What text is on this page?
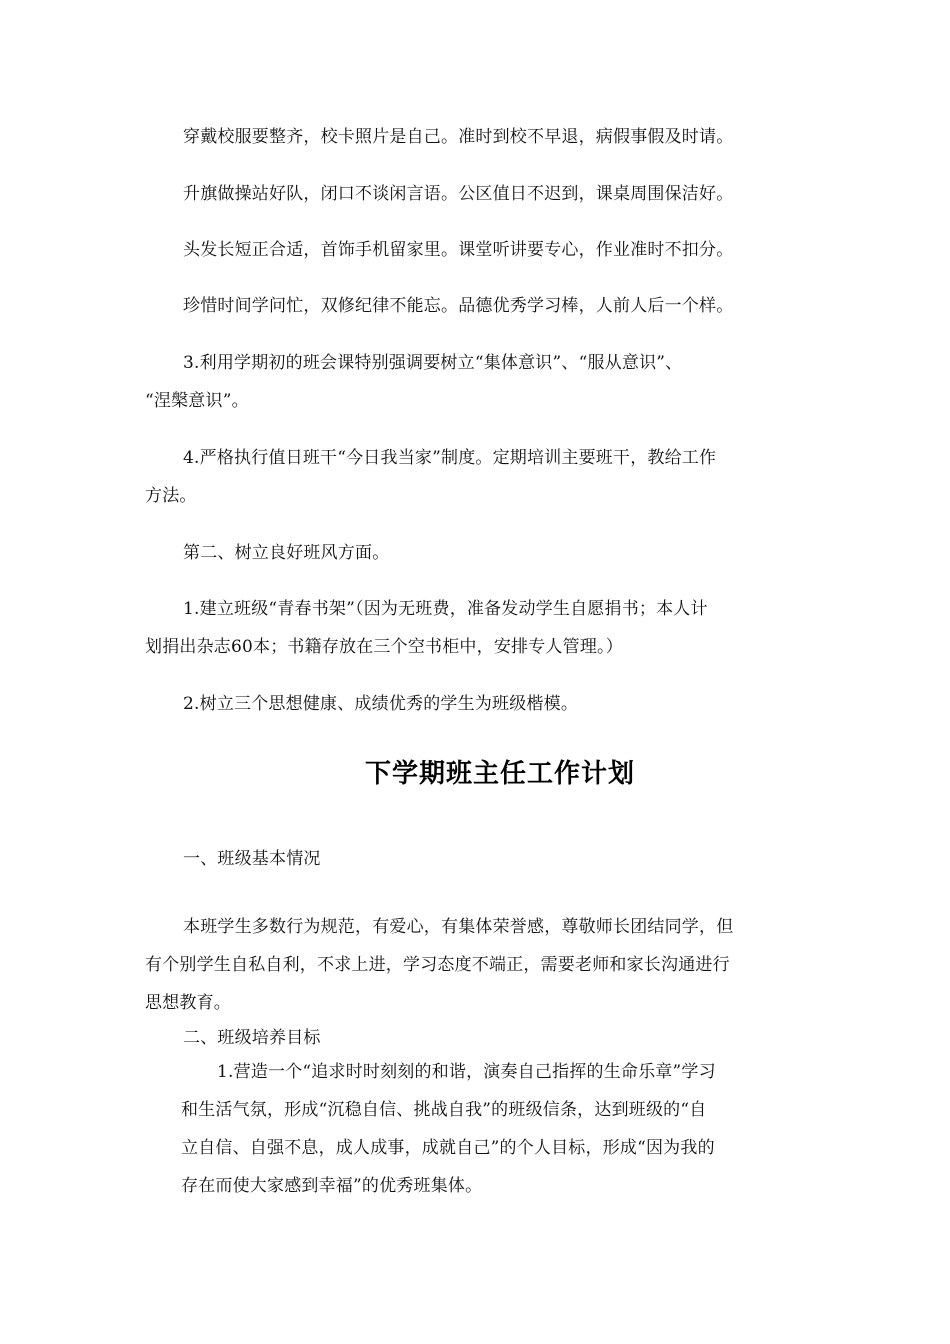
穿戴校服要整齐，校卡照片是自己。准时到校不早退，病假事假及时请。
升旗做操站好队，闭口不谈闲言语。公区值日不迟到，课桌周围保洁好。
头发长短正合适，首饰手机留家里。课堂听讲要专心，作业准时不扣分。
珍惜时间学问忙，双修纪律不能忘。品德优秀学习棒，人前人后一个样。
3.利用学期初的班会课特别强调要树立“集体意识”、“服从意识”、
“涅槃意识”。
4.严格执行值日班干“今日我当家”制度。定期培训主要班干，教给工作
方法。
第二、树立良好班风方面。
1.建立班级“青春书架”（因为无班费，准备发动学生自愿捐书；本人计
划捐出杂志60本；书籍存放在三个空书柜中，安排专人管理。）
2.树立三个思想健康、成绩优秀的学生为班级楷模。
下学期班主任工作计划
一、班级基本情况
本班学生多数行为规范，有爱心，有集体荣誉感，尊敬师长团结同学，但
有个别学生自私自利，不求上进，学习态度不端正，需要老师和家长沟通进行
思想教育。
二、班级培养目标
1.营造一个“追求时时刻刻的和谐，演奏自己指挥的生命乐章”学习
和生活气氛，形成“沉稳自信、挑战自我”的班级信条，达到班级的“自
立自信、自强不息，成人成事，成就自己”的个人目标，形成“因为我的
存在而使大家感到幸福”的优秀班集体。
